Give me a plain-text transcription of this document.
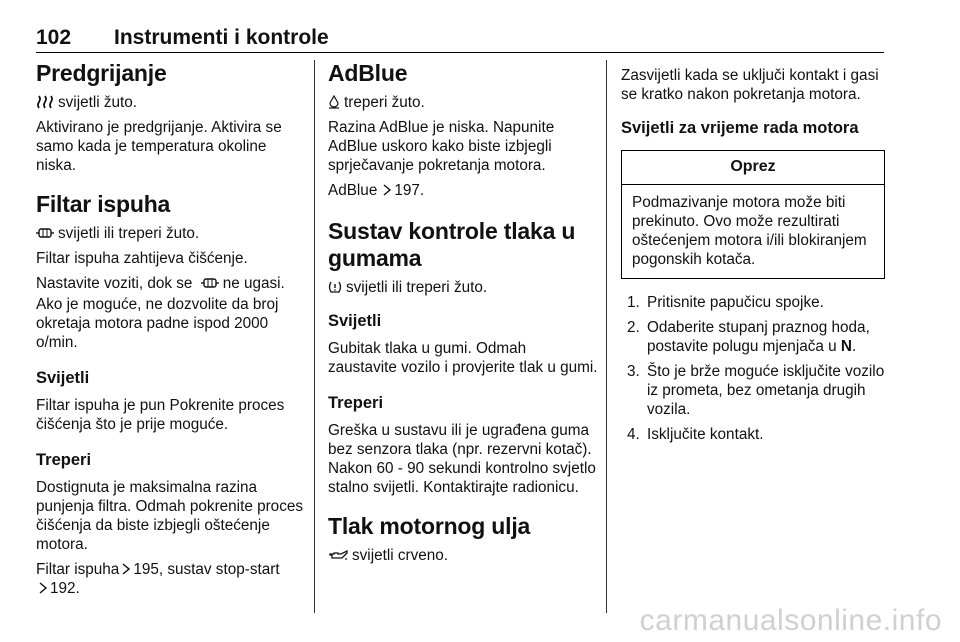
102 Instrumenti i kontrole
Predgrijanje
svijetli žuto.
Aktivirano je predgrijanje. Aktivira se samo kada je temperatura okoline niska.
Filtar ispuha
svijetli ili treperi žuto.
Filtar ispuha zahtijeva čišćenje.
Nastavite voziti, dok se ne ugasi. Ako je moguće, ne dozvolite da broj okretaja motora padne ispod 2000 o/min.
Svijetli
Filtar ispuha je pun Pokrenite proces čišćenja što je prije moguće.
Treperi
Dostignuta je maksimalna razina punjenja filtra. Odmah pokrenite proces čišćenja da biste izbjegli oštećenje motora.
Filtar ispuha 195, sustav stop-start
192.
AdBlue
treperi žuto.
Razina AdBlue je niska. Napunite AdBlue uskoro kako biste izbjegli sprječavanje pokretanja motora.
AdBlue 197.
Sustav kontrole tlaka u gumama
svijetli ili treperi žuto.
Svijetli
Gubitak tlaka u gumi. Odmah zaustavite vozilo i provjerite tlak u gumi.
Treperi
Greška u sustavu ili je ugrađena guma bez senzora tlaka (npr. rezervni kotač). Nakon 60 - 90 sekundi kontrolno svjetlo stalno svijetli. Kontaktirajte radionicu.
Tlak motornog ulja
svijetli crveno.
Zasvijetli kada se uključi kontakt i gasi se kratko nakon pokretanja motora.
Svijetli za vrijeme rada motora
Oprez
Podmazivanje motora može biti prekinuto. Ovo može rezultirati oštećenjem motora i/ili blokiranjem pogonskih kotača.
1. Pritisnite papučicu spojke.
2. Odaberite stupanj praznog hoda, postavite polugu mjenjača u N.
3. Što je brže moguće isključite vozilo iz prometa, bez ometanja drugih vozila.
4. Isključite kontakt.
carmanualsonline.info
